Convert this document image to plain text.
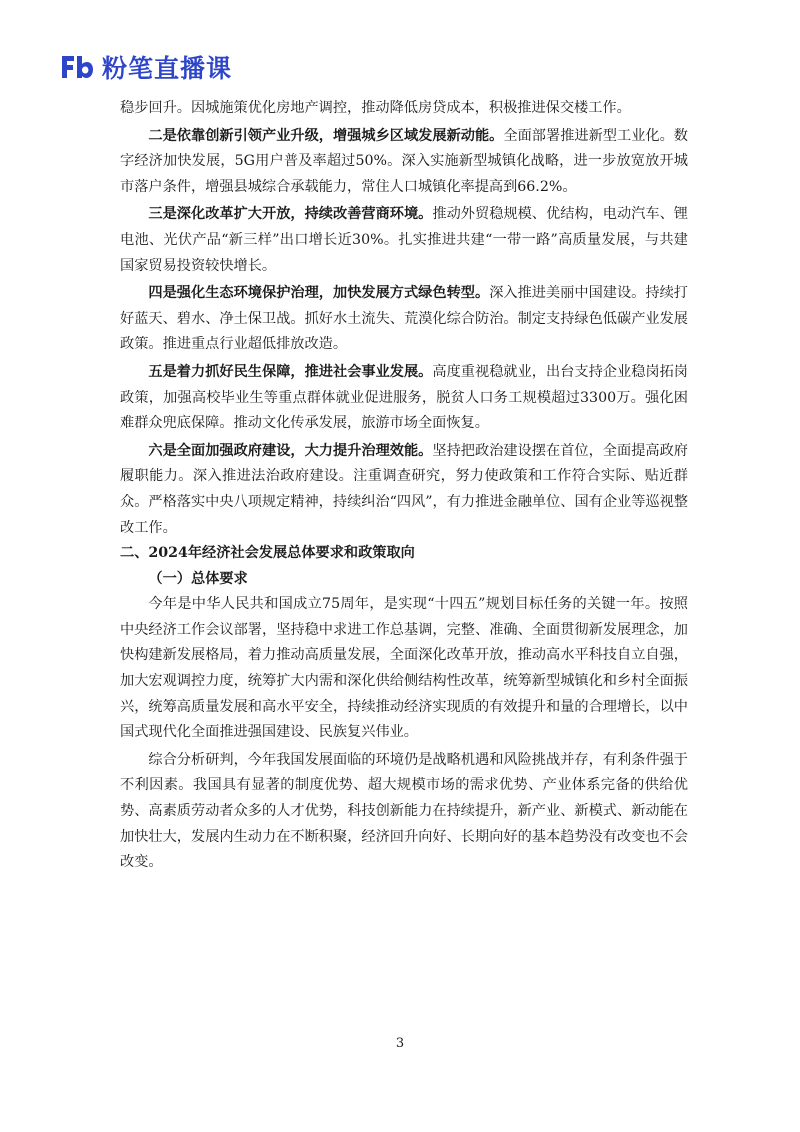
粉笔直播课

稳步回升。因城施策优化房地产调控，推动降低房贷成本，积极推进保交楼工作。

二是依靠创新引领产业升级，增强城乡区域发展新动能。全面部署推进新型工业化。数字经济加快发展，5G用户普及率超过50%。深入实施新型城镇化战略，进一步放宽放开城市落户条件，增强县城综合承载能力，常住人口城镇化率提高到66.2%。

三是深化改革扩大开放，持续改善营商环境。推动外贸稳规模、优结构，电动汽车、锂电池、光伏产品“新三样”出口增长近30%。扎实推进共建“一带一路”高质量发展，与共建国家贸易投资较快增长。

四是强化生态环境保护治理，加快发展方式绿色转型。深入推进美丽中国建设。持续打好蓝天、碧水、净土保卫战。抓好水土流失、荒漠化综合防治。制定支持绿色低碳产业发展政策。推进重点行业超低排放改造。

五是着力抓好民生保障，推进社会事业发展。高度重视稳就业，出台支持企业稳岗拓岗政策，加强高校毕业生等重点群体就业促进服务，脱贫人口务工规模超过3300万。强化困难群众兜底保障。推动文化传承发展，旅游市场全面恢复。

六是全面加强政府建设，大力提升治理效能。坚持把政治建设摆在首位，全面提高政府履职能力。深入推进法治政府建设。注重调查研究，努力使政策和工作符合实际、贴近群众。严格落实中央八项规定精神，持续纠治“四风”，有力推进金融单位、国有企业等巡视整改工作。

二、2024年经济社会发展总体要求和政策取向

（一）总体要求

今年是中华人民共和国成立75周年，是实现“十四五”规划目标任务的关键一年。按照中央经济工作会议部署，坚持稳中求进工作总基调，完整、准确、全面贯彻新发展理念，加快构建新发展格局，着力推动高质量发展，全面深化改革开放，推动高水平科技自立自强，加大宏观调控力度，统筹扩大内需和深化供给侧结构性改革，统筹新型城镇化和乡村全面振兴，统筹高质量发展和高水平安全，持续推动经济实现质的有效提升和量的合理增长，以中国式现代化全面推进强国建设、民族复兴伟业。

综合分析研判，今年我国发展面临的环境仍是战略机遇和风险挑战并存，有利条件强于不利因素。我国具有显著的制度优势、超大规模市场的需求优势、产业体系完备的供给优势、高素质劳动者众多的人才优势，科技创新能力在持续提升，新产业、新模式、新动能在加快壮大，发展内生动力在不断积聚，经济回升向好、长期向好的基本趋势没有改变也不会改变。

3
